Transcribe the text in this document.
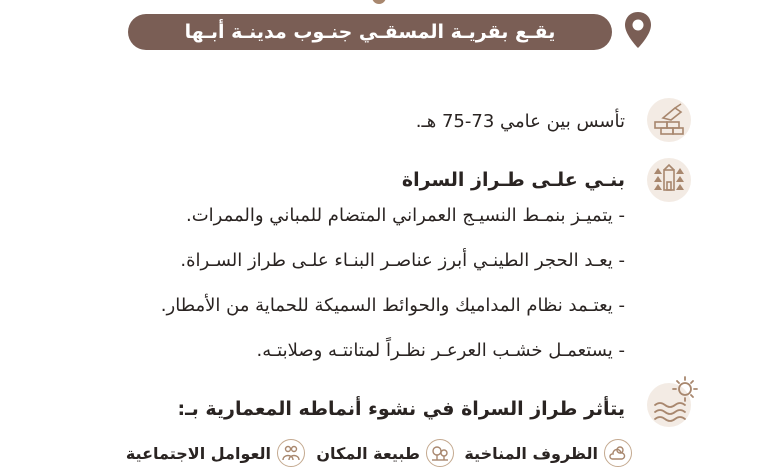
يقـع بقريـة المسقـي جنـوب مدينـة أبـها
تأسس بين عامي 73-75 هـ.
بنـي علـى طـراز السراة
- يتميـز بنمـط النسيـج العمراني المتضام للمباني والممرات.
- يعـد الحجر الطينـي أبرز عناصـر البنـاء علـى طراز السـراة.
- يعتـمد نظام المداميك والحوائط السميكة للحماية من الأمطار.
- يستعمـل خشـب العرعـر نظـراً لمتانتـه وصلابتـه.
يتأثر طراز السراة في نشوء أنماطه المعمارية بـ:
الظروف المناخية
طبيعة المكان
العوامل الاجتماعية
